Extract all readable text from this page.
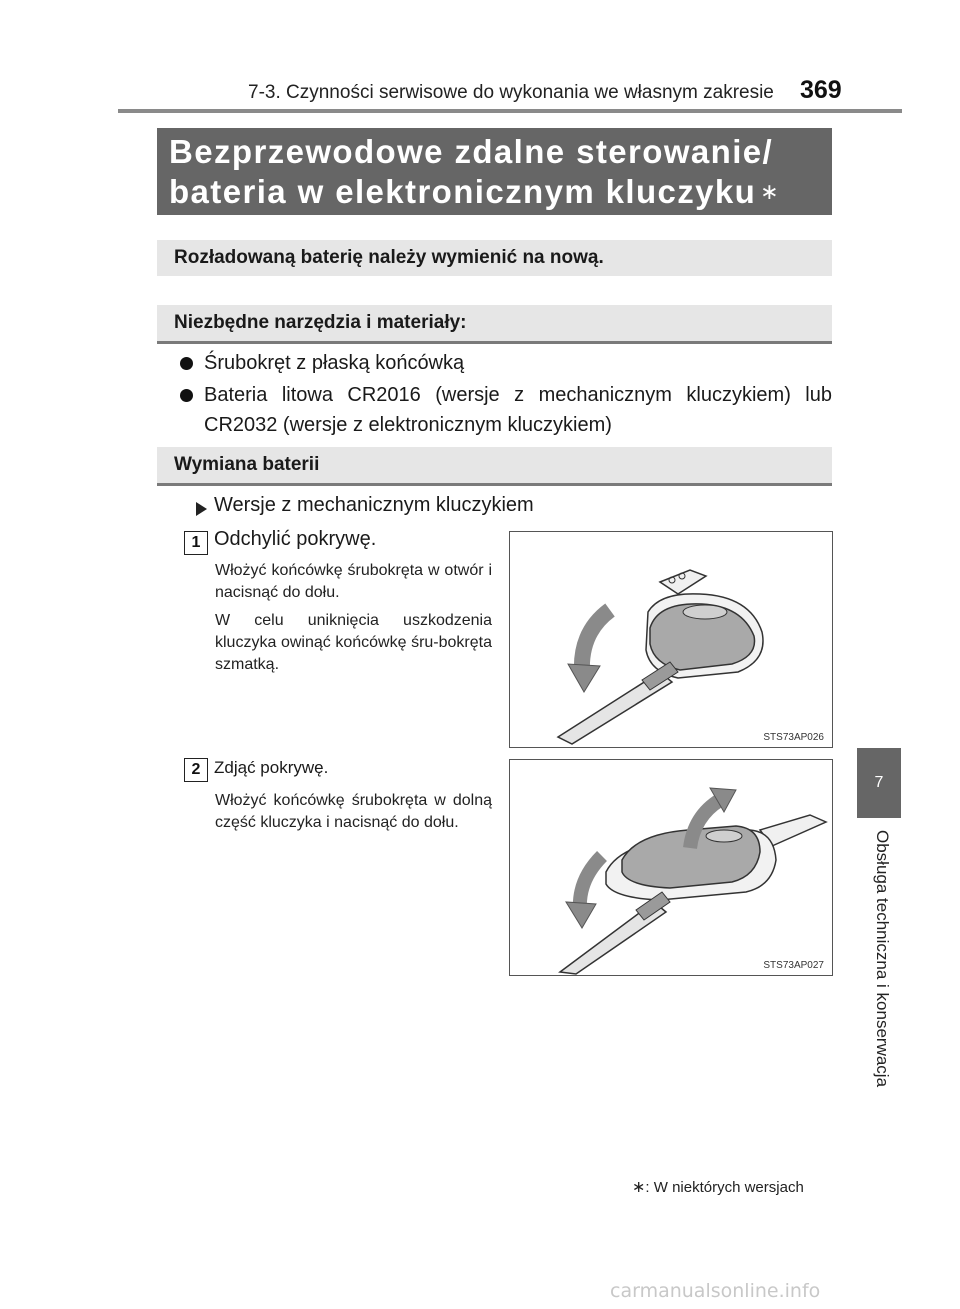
7-3. Czynności serwisowe do wykonania we własnym zakresie 369
Bezprzewodowe zdalne sterowanie/ bateria w elektronicznym kluczyku ∗
Rozładowaną baterię należy wymienić na nową.
Niezbędne narzędzia i materiały:
Śrubokręt z płaską końcówką
Bateria litowa CR2016 (wersje z mechanicznym kluczykiem) lub CR2032 (wersje z elektronicznym kluczykiem)
Wymiana baterii
Wersje z mechanicznym kluczykiem
1 Odchylić pokrywę.
Włożyć końcówkę śrubokręta w otwór i nacisnąć do dołu.
W celu uniknięcia uszkodzenia kluczyka owinąć końcówkę śru-bokręta szmatką.
STS73AP026
2 Zdjąć pokrywę.
Włożyć końcówkę śrubokręta w dolną część kluczyka i nacisnąć do dołu.
STS73AP027
7
Obsługa techniczna i konserwacja
∗: W niektórych wersjach
carmanualsonline.info
